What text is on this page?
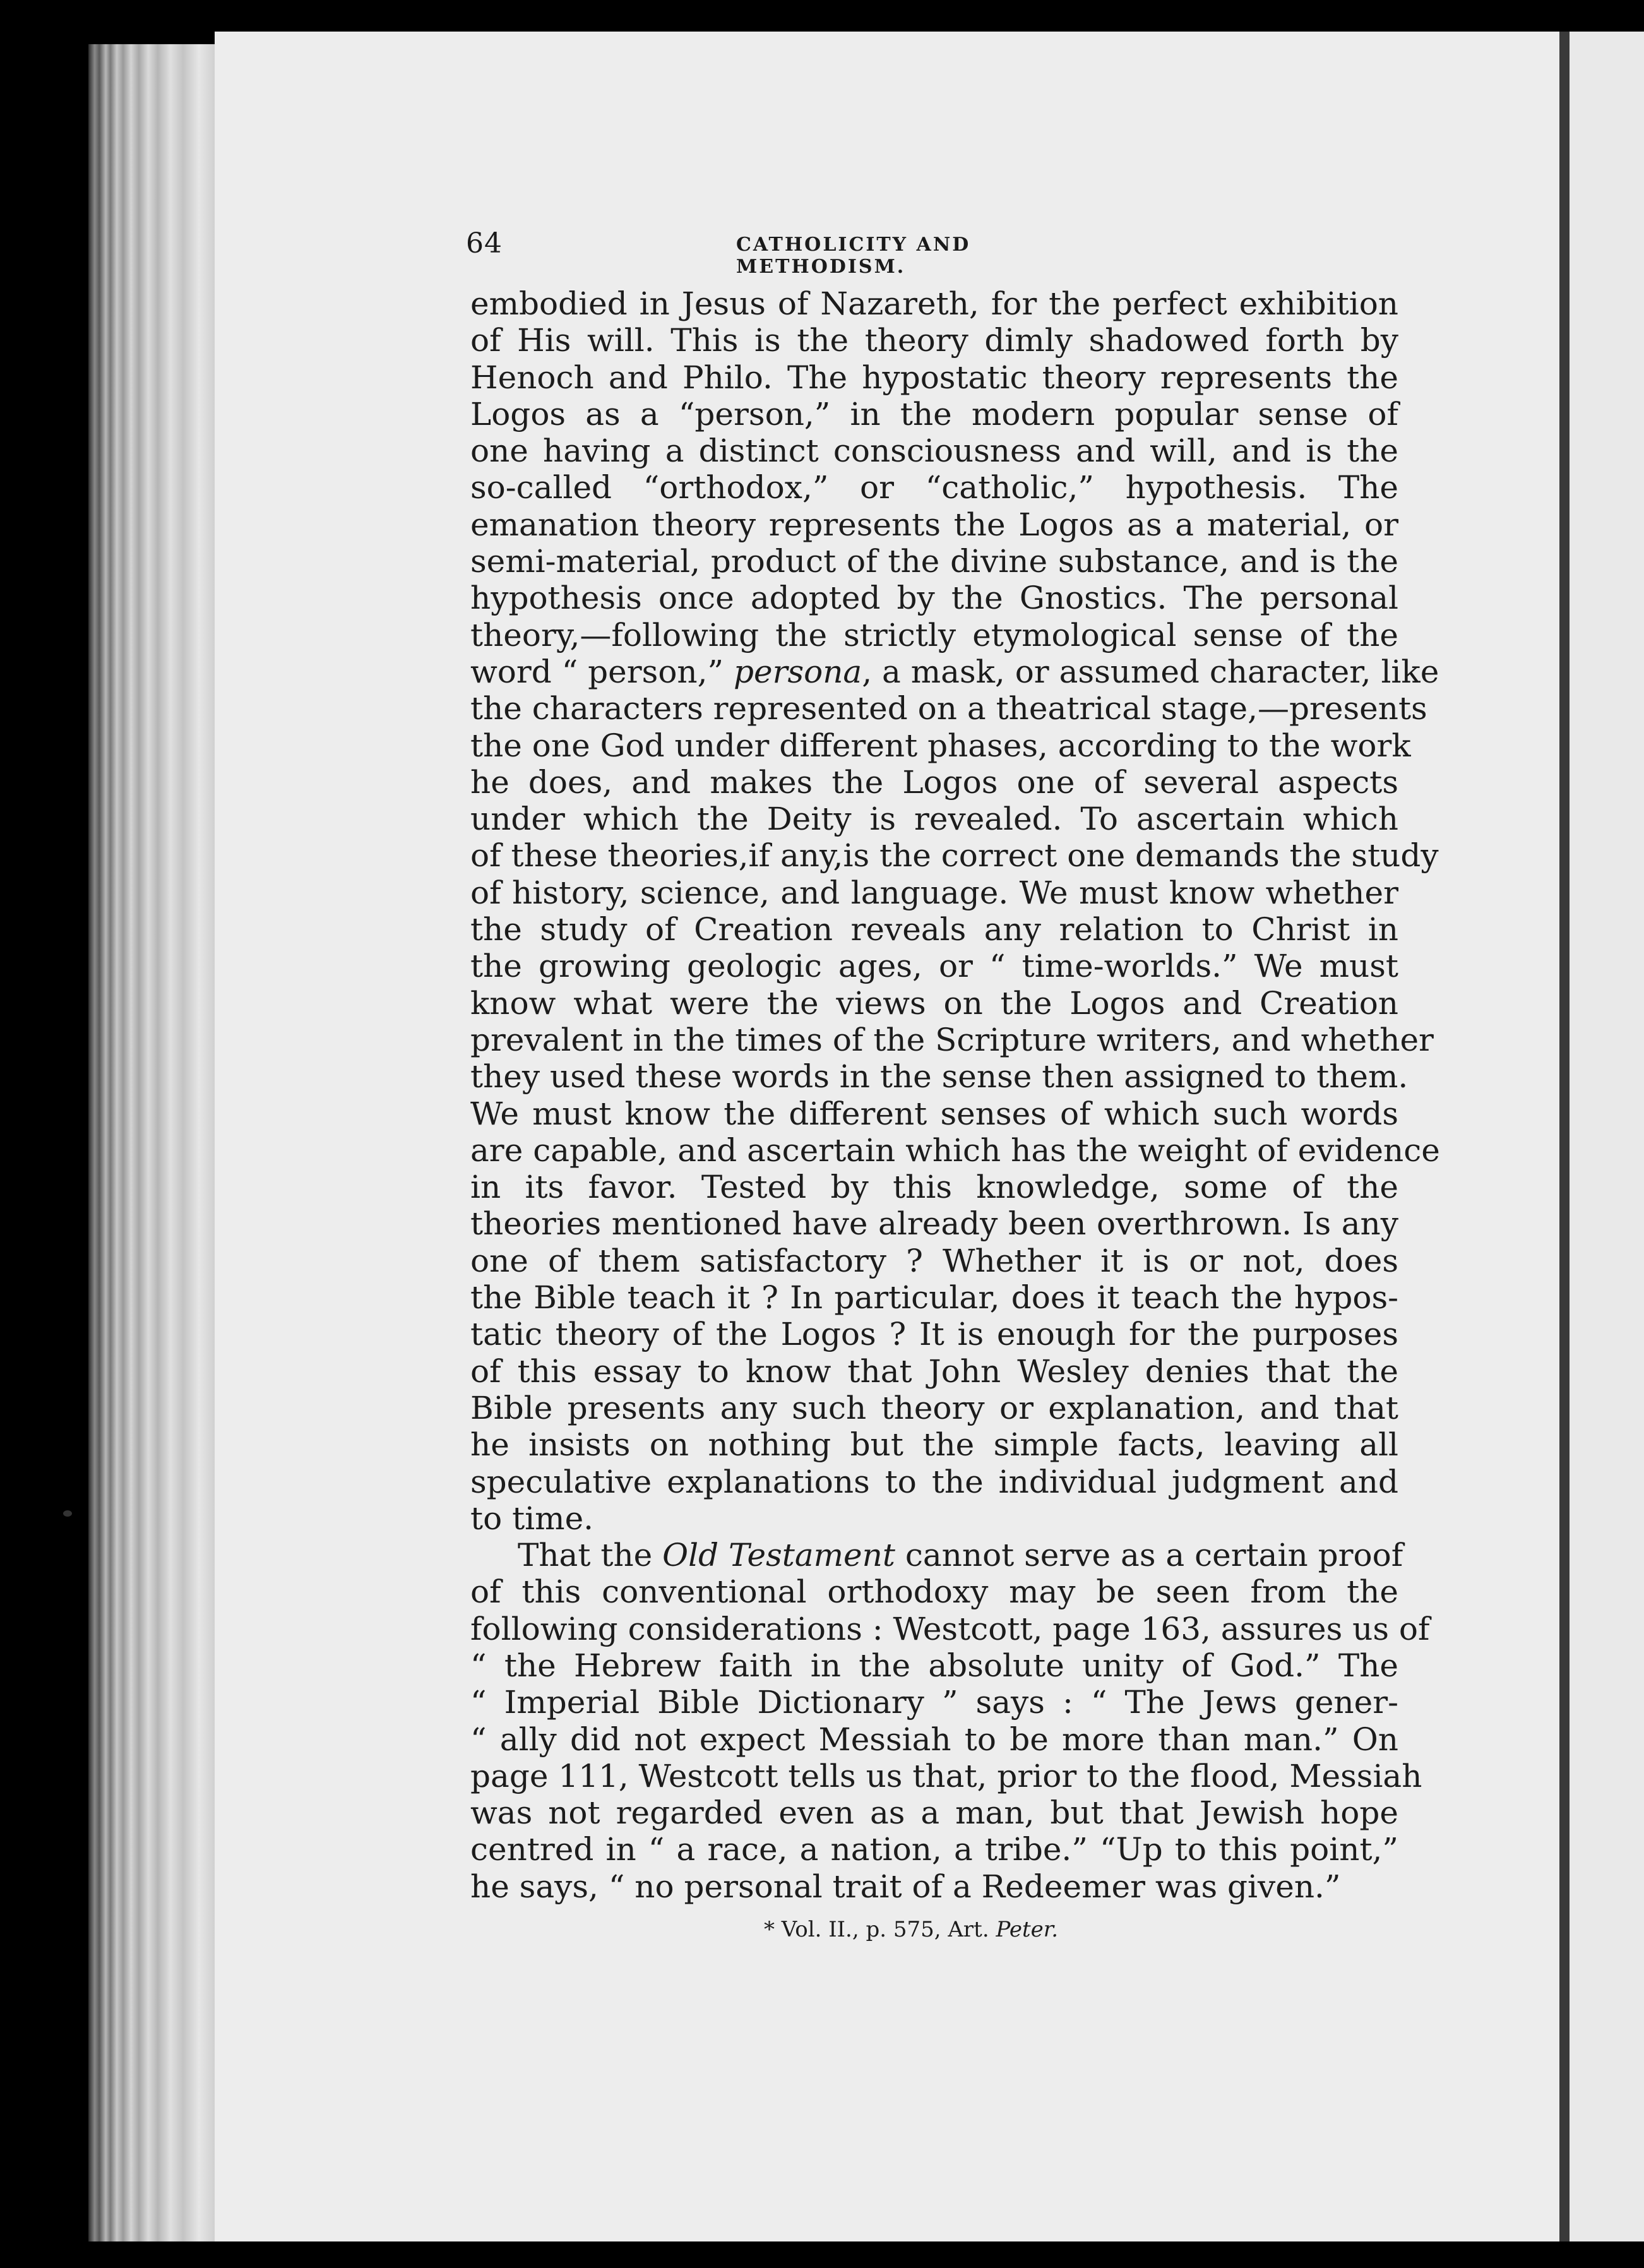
64	CATHOLICITY AND METHODISM.
embodied in Jesus of Nazareth, for the perfect exhibition
of His will. This is the theory dimly shadowed forth by
Henoch and Philo. The hypostatic theory represents the
Logos as a “person,” in the modern popular sense of
one having a distinct consciousness and will, and is the
so-called “orthodox,” or “catholic,” hypothesis. The
emanation theory represents the Logos as a material, or
semi-material, product of the divine substance, and is the
hypothesis once adopted by the Gnostics. The personal
theory,—following the strictly etymological sense of the
word “ person,” persona, a mask, or assumed character, like
the characters represented on a theatrical stage,—presents
the one God under different phases, according to the work
he does, and makes the Logos one of several aspects
under which the Deity is revealed. To ascertain which
of these theories,if any,is the correct one demands the study
of history, science, and language. We must know whether
the study of Creation reveals any relation to Christ in
the growing geologic ages, or “ time-worlds.” We must
know what were the views on the Logos and Creation
prevalent in the times of the Scripture writers, and whether
they used these words in the sense then assigned to them.
We must know the different senses of which such words
are capable, and ascertain which has the weight of evidence
in its favor. Tested by this knowledge, some of the
theories mentioned have already been overthrown. Is any
one of them satisfactory ? Whether it is or not, does
the Bible teach it ? In particular, does it teach the hypos-
tatic theory of the Logos ? It is enough for the purposes
of this essay to know that John Wesley denies that the
Bible presents any such theory or explanation, and that
he insists on nothing but the simple facts, leaving all
speculative explanations to the individual judgment and
to time.
That the Old Testament cannot serve as a certain proof
of this conventional orthodoxy may be seen from the
following considerations : Westcott, page 163, assures us of
“ the Hebrew faith in the absolute unity of God.” The
“ Imperial Bible Dictionary ” says : “ The Jews gener-
“ ally did not expect Messiah to be more than man.” On
page 111, Westcott tells us that, prior to the flood, Messiah
was not regarded even as a man, but that Jewish hope
centred in “ a race, a nation, a tribe.” “Up to this point,”
he says, “ no personal trait of a Redeemer was given.”
* Vol. II., p. 575, Art. Peter.
